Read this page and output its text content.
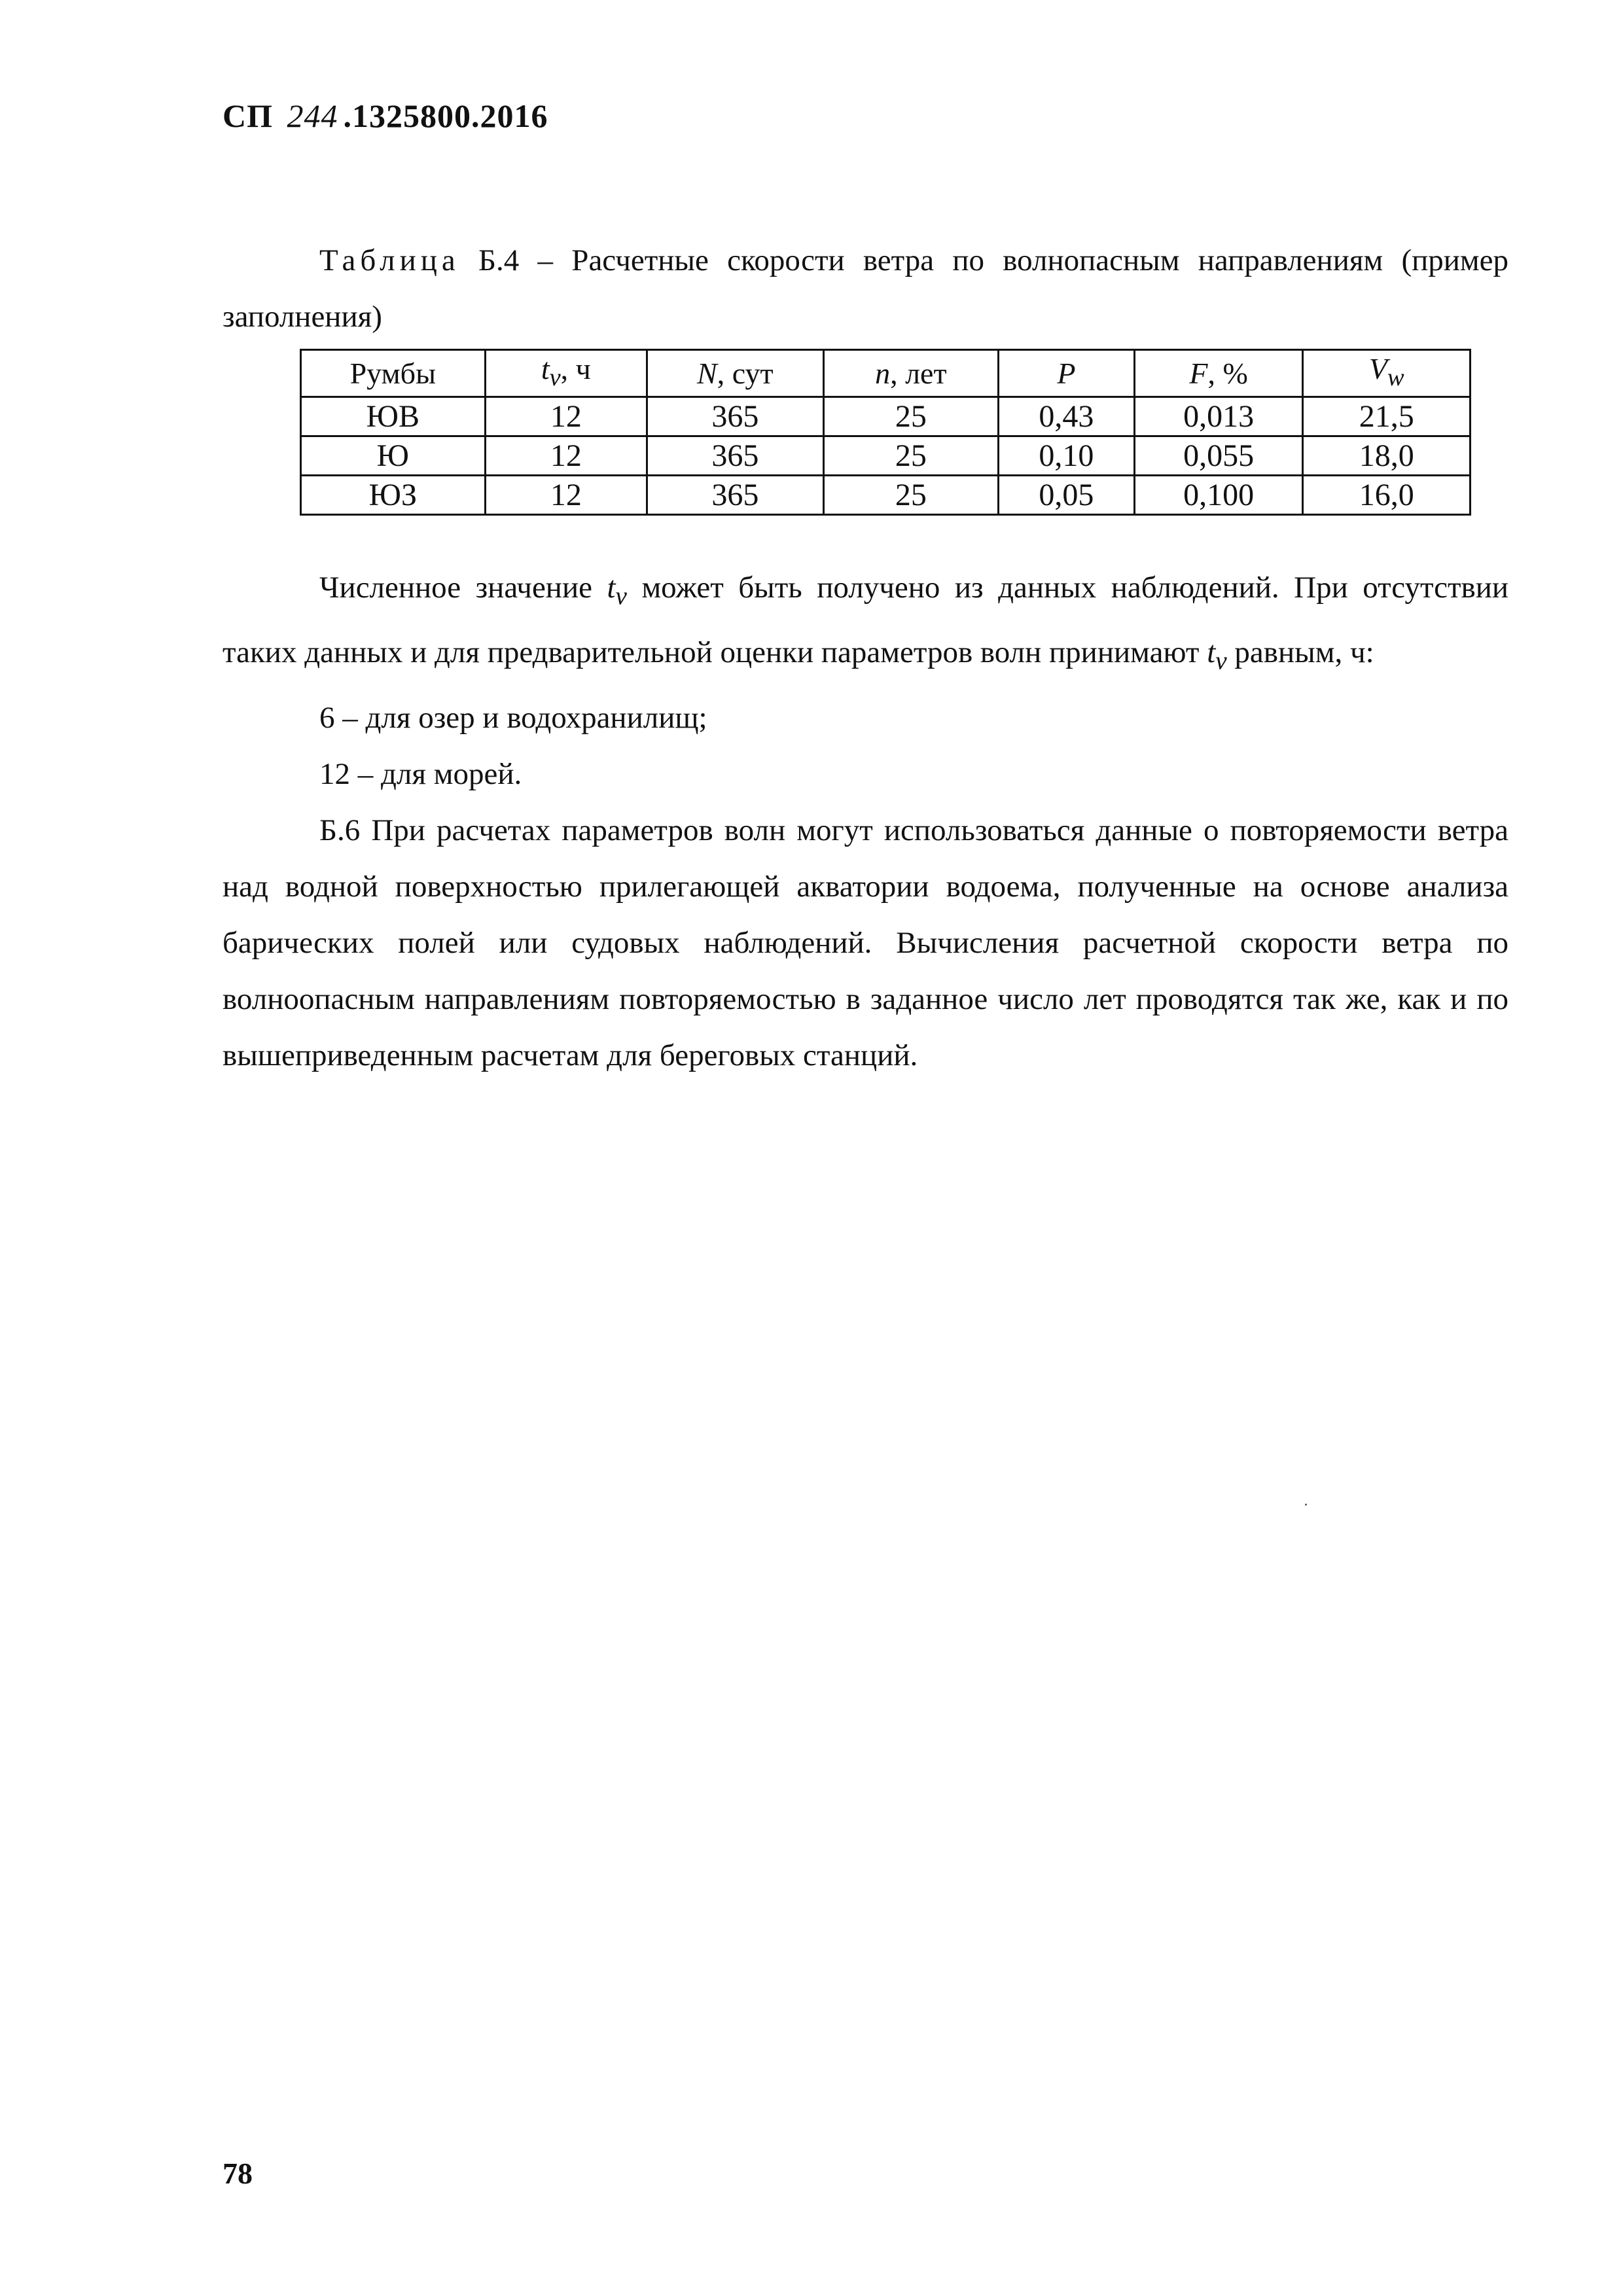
СП 244 .1325800.2016
Таблица Б.4 – Расчетные скорости ветра по волнопасным направлениям (пример
заполнения)
Румбы	$t_v$, ч	N, сут	n, лет	P	F, %	$V_w$
ЮВ	12	365	25	0,43	0,013	21,5
Ю	12	365	25	0,10	0,055	18,0
ЮЗ	12	365	25	0,05	0,100	16,0

Численное значение $t_v$ может быть получено из данных наблюдений. При отсутствии таких данных и для предварительной оценки параметров волн принимают $t_v$ равным, ч:

6 – для озер и водохранилищ;

12 – для морей.

Б.6 При расчетах параметров волн могут использоваться данные о повторяемости ветра над водной поверхностью прилегающей акватории водоема, полученные на основе анализа барических полей или судовых наблюдений. Вычисления расчетной скорости ветра по волноопасным направлениям повторяемостью в заданное число лет проводятся так же, как и по вышеприведенным расчетам для береговых станций.

78
